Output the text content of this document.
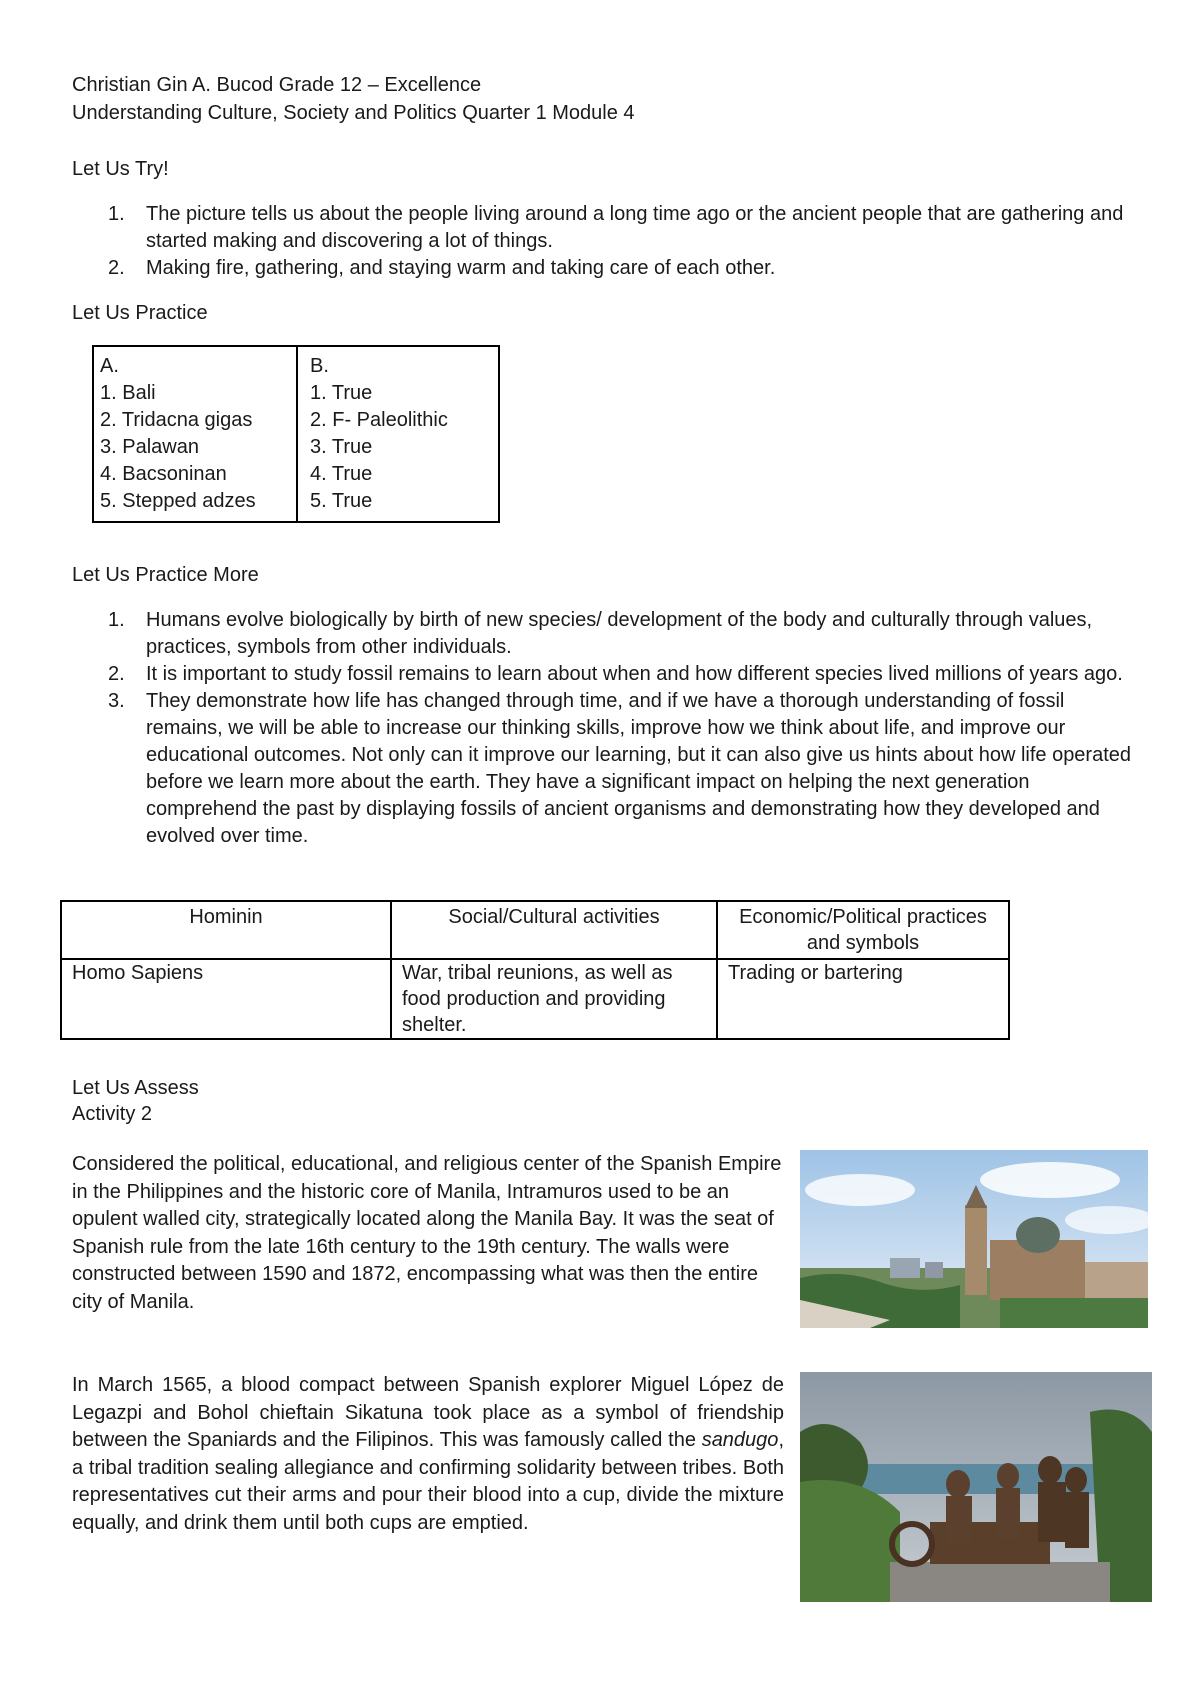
Christian Gin A. Bucod Grade 12 – Excellence
Understanding Culture, Society and Politics Quarter 1 Module 4
Let Us Try!
1. The picture tells us about the people living around a long time ago or the ancient people that are gathering and started making and discovering a lot of things.
2. Making fire, gathering, and staying warm and taking care of each other.
Let Us Practice
A.
1. Bali
2. Tridacna gigas
3. Palawan
4. Bacsoninan
5. Stepped adzes

B.
1. True
2. F- Paleolithic
3. True
4. True
5. True
Let Us Practice More
1. Humans evolve biologically by birth of new species/ development of the body and culturally through values, practices, symbols from other individuals.
2. It is important to study fossil remains to learn about when and how different species lived millions of years ago.
3. They demonstrate how life has changed through time, and if we have a thorough understanding of fossil remains, we will be able to increase our thinking skills, improve how we think about life, and improve our educational outcomes. Not only can it improve our learning, but it can also give us hints about how life operated before we learn more about the earth. They have a significant impact on helping the next generation comprehend the past by displaying fossils of ancient organisms and demonstrating how they developed and evolved over time.
Hominin	Social/Cultural activities	Economic/Political practices and symbols
Homo Sapiens	War, tribal reunions, as well as food production and providing shelter.	Trading or bartering
Let Us Assess
Activity 2
Considered the political, educational, and religious center of the Spanish Empire in the Philippines and the historic core of Manila, Intramuros used to be an opulent walled city, strategically located along the Manila Bay. It was the seat of Spanish rule from the late 16th century to the 19th century. The walls were constructed between 1590 and 1872, encompassing what was then the entire city of Manila.
In March 1565, a blood compact between Spanish explorer Miguel López de Legazpi and Bohol chieftain Sikatuna took place as a symbol of friendship between the Spaniards and the Filipinos. This was famously called the sandugo, a tribal tradition sealing allegiance and confirming solidarity between tribes. Both representatives cut their arms and pour their blood into a cup, divide the mixture equally, and drink them until both cups are emptied.
